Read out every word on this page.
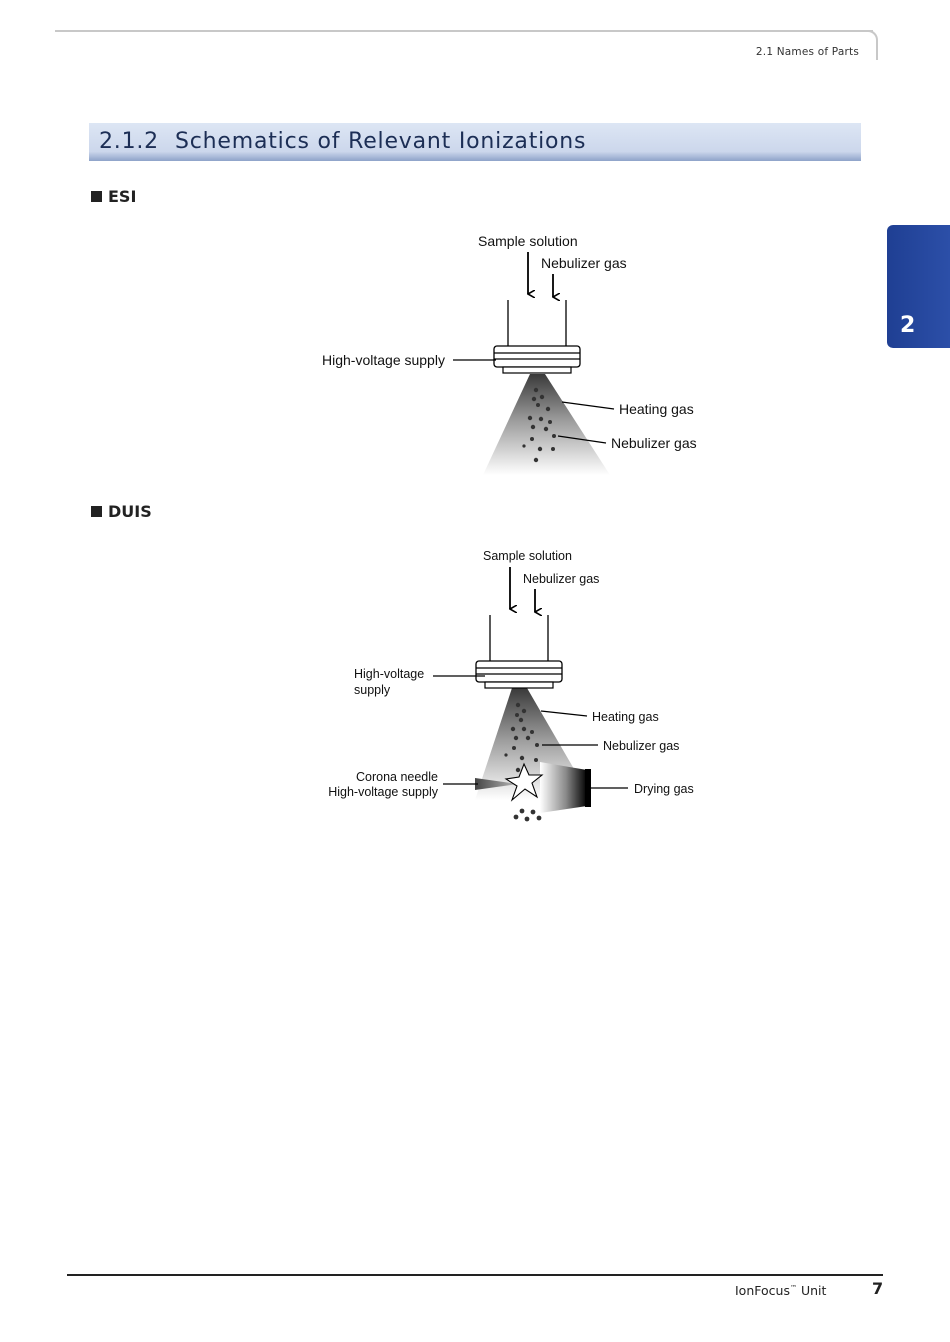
2.1 Names of Parts
2.1.2 Schematics of Relevant Ionizations
2
ESI
DUIS
Sample solution
Nebulizer gas
High-voltage supply
Heating gas
Nebulizer gas
Sample solution
Nebulizer gas
High-voltage
supply
Heating gas
Nebulizer gas
Corona needle
High-voltage supply	Drying gas
IonFocus™ Unit	7
